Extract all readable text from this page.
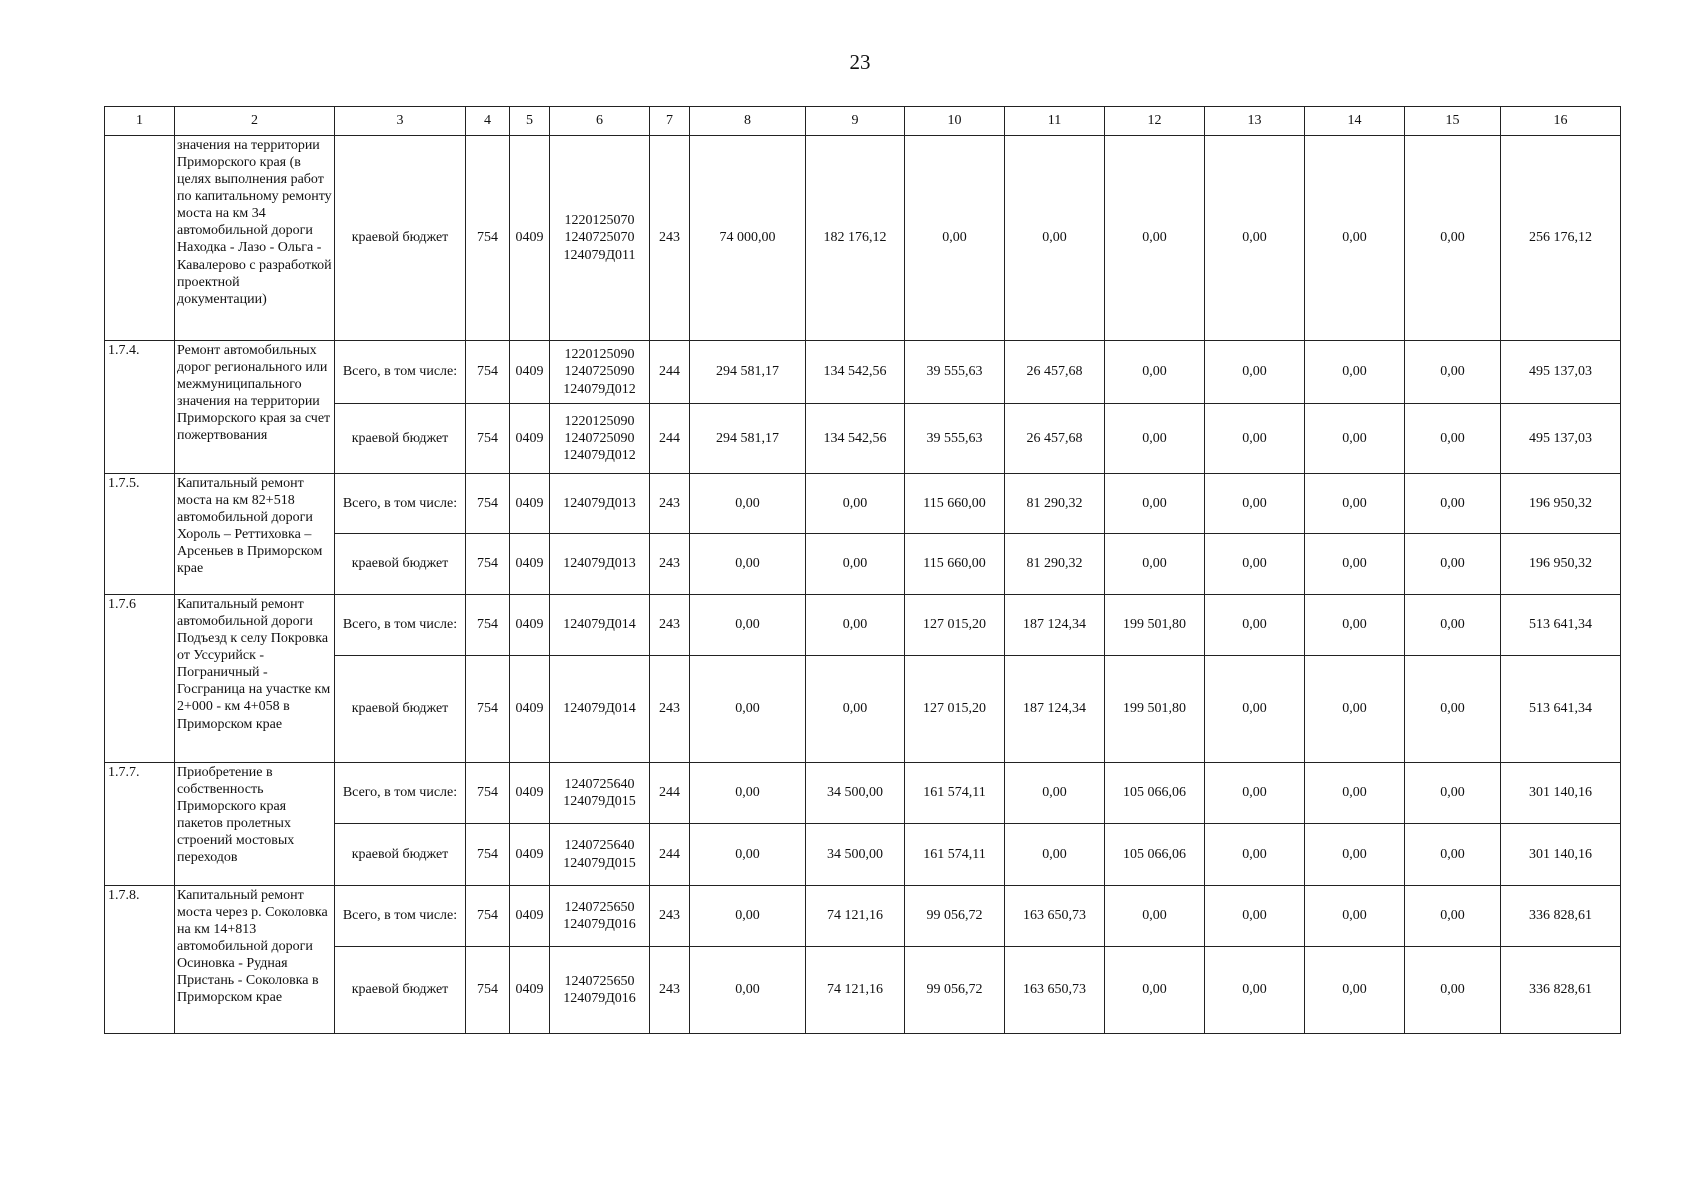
23
1	2	3	4	5	6	7	8	9	10	11	12	13	14	15	16
	значения на территории Приморского края (в целях выполнения работ по капитальному ремонту моста на км 34 автомобильной дороги Находка - Лазо - Ольга - Кавалерово с разработкой проектной документации)	краевой бюджет	754	0409	1220125070
1240725070
124079Д011	243	74 000,00	182 176,12	0,00	0,00	0,00	0,00	0,00	0,00	256 176,12
1.7.4.	Ремонт автомобильных дорог регионального или межмуниципального значения на территории Приморского края за счет пожертвования	Всего, в том числе:	754	0409	1220125090
1240725090
124079Д012	244	294 581,17	134 542,56	39 555,63	26 457,68	0,00	0,00	0,00	0,00	495 137,03
		краевой бюджет	754	0409	1220125090
1240725090
124079Д012	244	294 581,17	134 542,56	39 555,63	26 457,68	0,00	0,00	0,00	0,00	495 137,03
1.7.5.	Капитальный ремонт моста на км 82+518 автомобильной дороги Хороль – Реттиховка – Арсеньев в Приморском крае	Всего, в том числе:	754	0409	124079Д013	243	0,00	0,00	115 660,00	81 290,32	0,00	0,00	0,00	0,00	196 950,32
		краевой бюджет	754	0409	124079Д013	243	0,00	0,00	115 660,00	81 290,32	0,00	0,00	0,00	0,00	196 950,32
1.7.6	Капитальный ремонт автомобильной дороги Подъезд к селу Покровка от Уссурийск - Пограничный - Госграница на участке км 2+000 - км 4+058 в Приморском крае	Всего, в том числе:	754	0409	124079Д014	243	0,00	0,00	127 015,20	187 124,34	199 501,80	0,00	0,00	0,00	513 641,34
		краевой бюджет	754	0409	124079Д014	243	0,00	0,00	127 015,20	187 124,34	199 501,80	0,00	0,00	0,00	513 641,34
1.7.7.	Приобретение в собственность Приморского края пакетов пролетных строений мостовых переходов	Всего, в том числе:	754	0409	1240725640
124079Д015	244	0,00	34 500,00	161 574,11	0,00	105 066,06	0,00	0,00	0,00	301 140,16
		краевой бюджет	754	0409	1240725640
124079Д015	244	0,00	34 500,00	161 574,11	0,00	105 066,06	0,00	0,00	0,00	301 140,16
1.7.8.	Капитальный ремонт моста через р. Соколовка на км 14+813 автомобильной дороги Осиновка - Рудная Пристань - Соколовка в Приморском крае	Всего, в том числе:	754	0409	1240725650
124079Д016	243	0,00	74 121,16	99 056,72	163 650,73	0,00	0,00	0,00	0,00	336 828,61
		краевой бюджет	754	0409	1240725650
124079Д016	243	0,00	74 121,16	99 056,72	163 650,73	0,00	0,00	0,00	0,00	336 828,61
